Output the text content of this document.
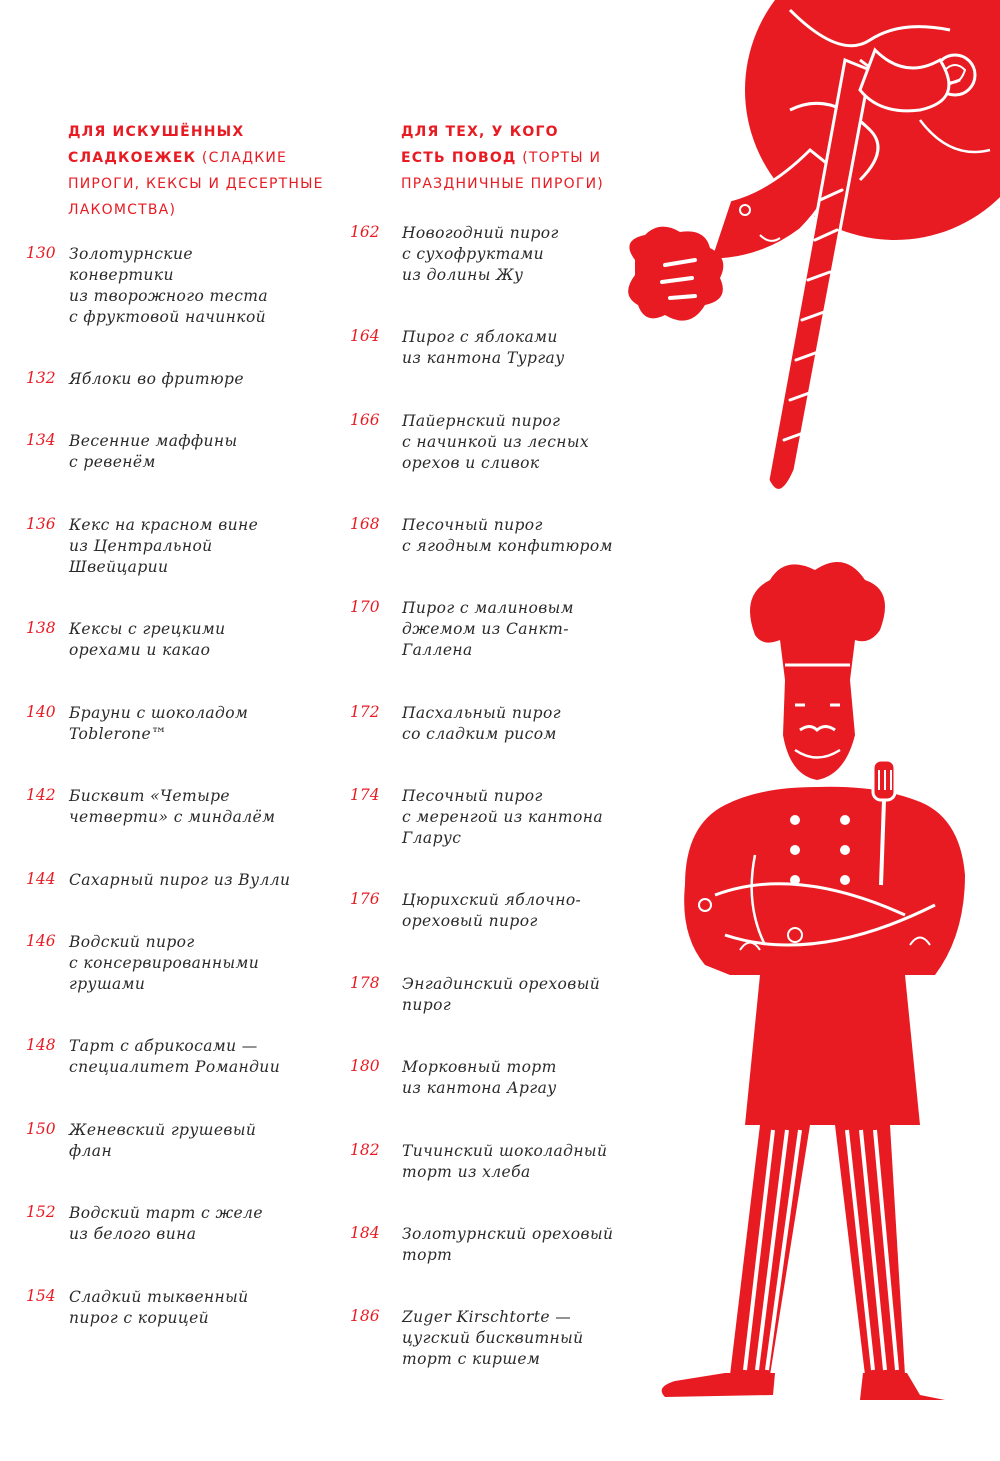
ДЛЯ ИСКУШЁННЫХ
СЛАДКОЕЖЕК (СЛАДКИЕ ПИРОГИ, КЕКСЫ И ДЕСЕРТНЫЕ ЛАКОМСТВА)
ДЛЯ ТЕХ, У КОГО
ЕСТЬ ПОВОД (ТОРТЫ И ПРАЗДНИЧНЫЕ ПИРОГИ)
130 Золотурнские
конвертики
из творожного теста
с фруктовой начинкой
132 Яблоки во фритюре
134 Весенние маффины
с ревенём
136 Кекс на красном вине
из Центральной
Швейцарии
138 Кексы с грецкими
орехами и какао
140 Брауни с шоколадом
Toblerone™
142 Бисквит «Четыре
четверти» с миндалём
144 Сахарный пирог из Вулли
146 Водский пирог
с консервированными
грушами
148 Тарт с абрикосами —
специалитет Романдии
150 Женевский грушевый
флан
152 Водский тарт с желе
из белого вина
154 Сладкий тыквенный
пирог с корицей
162 Новогодний пирог
с сухофруктами
из долины Жу
164 Пирог с яблоками
из кантона Тургау
166 Пайернский пирог
с начинкой из лесных
орехов и сливок
168 Песочный пирог
с ягодным конфитюром
170 Пирог с малиновым
джемом из Санкт-
Галлена
172 Пасхальный пирог
со сладким рисом
174 Песочный пирог
с меренгой из кантона
Гларус
176 Цюрихский яблочно-
ореховый пирог
178 Энгадинский ореховый
пирог
180 Морковный торт
из кантона Аргау
182 Тичинский шоколадный
торт из хлеба
184 Золотурнский ореховый
торт
186 Zuger Kirschtorte —
цугский бисквитный
торт с киршем
